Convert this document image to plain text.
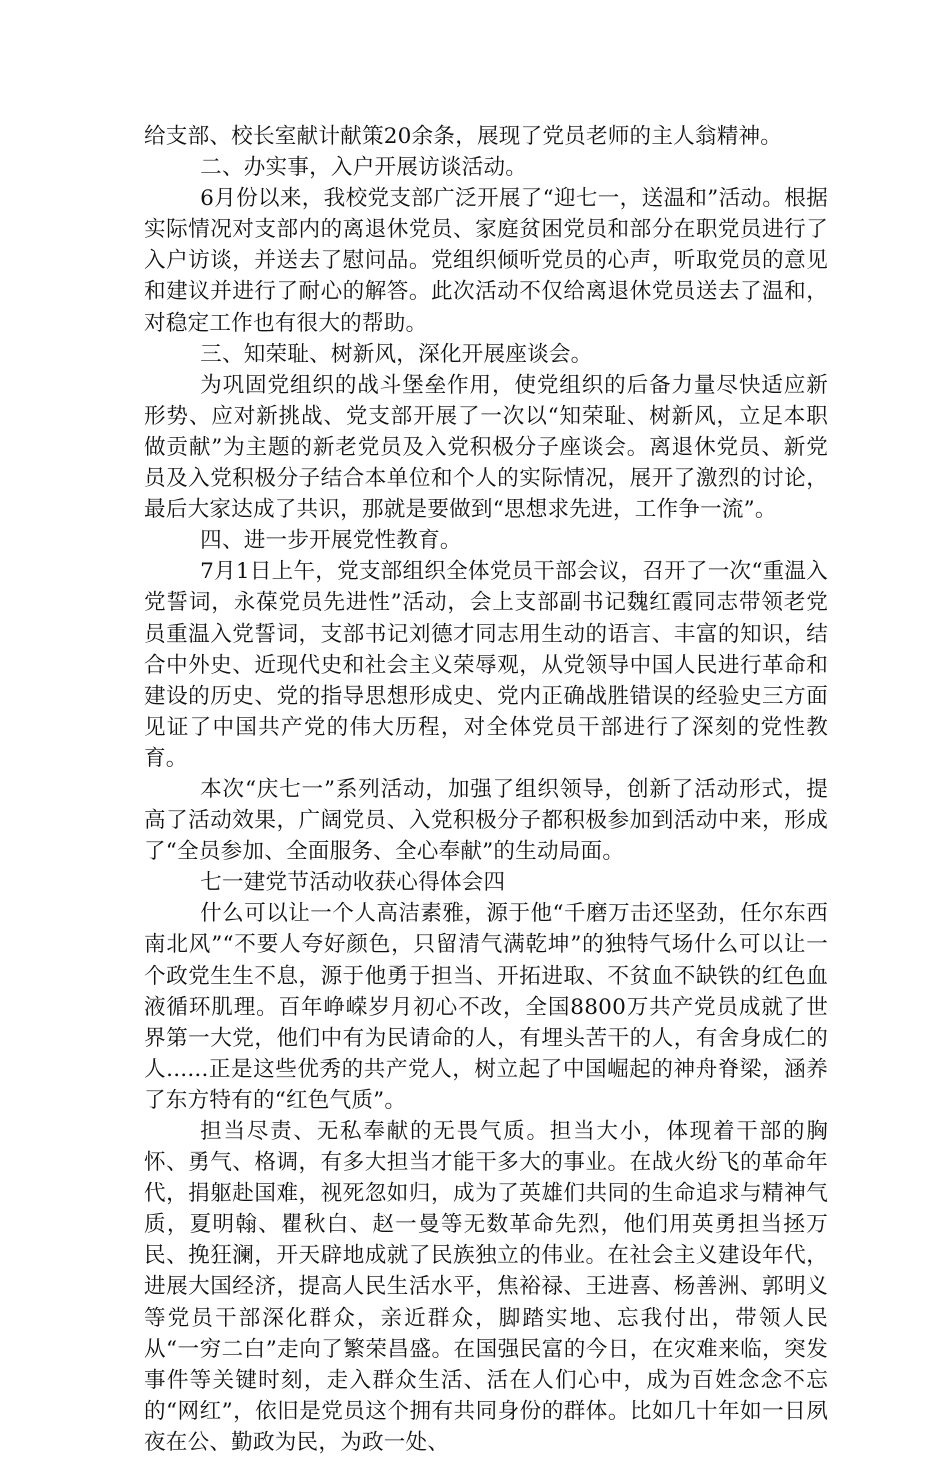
给支部、校长室献计献策20余条，展现了党员老师的主人翁精神。

二、办实事，入户开展访谈活动。

6月份以来，我校党支部广泛开展了“迎七一，送温和”活动。根据实际情况对支部内的离退休党员、家庭贫困党员和部分在职党员进行了入户访谈，并送去了慰问品。党组织倾听党员的心声，听取党员的意见和建议并进行了耐心的解答。此次活动不仅给离退休党员送去了温和，对稳定工作也有很大的帮助。

三、知荣耻、树新风，深化开展座谈会。

为巩固党组织的战斗堡垒作用，使党组织的后备力量尽快适应新形势、应对新挑战、党支部开展了一次以“知荣耻、树新风，立足本职做贡献”为主题的新老党员及入党积极分子座谈会。离退休党员、新党员及入党积极分子结合本单位和个人的实际情况，展开了激烈的讨论，最后大家达成了共识，那就是要做到“思想求先进，工作争一流”。

四、进一步开展党性教育。

7月1日上午，党支部组织全体党员干部会议，召开了一次“重温入党誓词，永葆党员先进性”活动，会上支部副书记魏红霞同志带领老党员重温入党誓词，支部书记刘德才同志用生动的语言、丰富的知识，结合中外史、近现代史和社会主义荣辱观，从党领导中国人民进行革命和建设的历史、党的指导思想形成史、党内正确战胜错误的经验史三方面见证了中国共产党的伟大历程，对全体党员干部进行了深刻的党性教育。

本次“庆七一”系列活动，加强了组织领导，创新了活动形式，提高了活动效果，广阔党员、入党积极分子都积极参加到活动中来，形成了“全员参加、全面服务、全心奉献”的生动局面。

七一建党节活动收获心得体会四

什么可以让一个人高洁素雅，源于他“千磨万击还坚劲，任尔东西南北风”“不要人夸好颜色，只留清气满乾坤”的独特气场什么可以让一个政党生生不息，源于他勇于担当、开拓进取、不贫血不缺铁的红色血液循环肌理。百年峥嵘岁月初心不改，全国8800万共产党员成就了世界第一大党，他们中有为民请命的人，有埋头苦干的人，有舍身成仁的人......正是这些优秀的共产党人，树立起了中国崛起的神舟脊梁，涵养了东方特有的“红色气质”。

担当尽责、无私奉献的无畏气质。担当大小，体现着干部的胸怀、勇气、格调，有多大担当才能干多大的事业。在战火纷飞的革命年代，捐躯赴国难，视死忽如归，成为了英雄们共同的生命追求与精神气质，夏明翰、瞿秋白、赵一曼等无数革命先烈，他们用英勇担当拯万民、挽狂澜，开天辟地成就了民族独立的伟业。在社会主义建设年代，进展大国经济，提高人民生活水平，焦裕禄、王进喜、杨善洲、郭明义等党员干部深化群众，亲近群众，脚踏实地、忘我付出，带领人民从“一穷二白”走向了繁荣昌盛。在国强民富的今日，在灾难来临，突发事件等关键时刻，走入群众生活、活在人们心中，成为百姓念念不忘的“网红”，依旧是党员这个拥有共同身份的群体。比如几十年如一日夙夜在公、勤政为民，为政一处、
